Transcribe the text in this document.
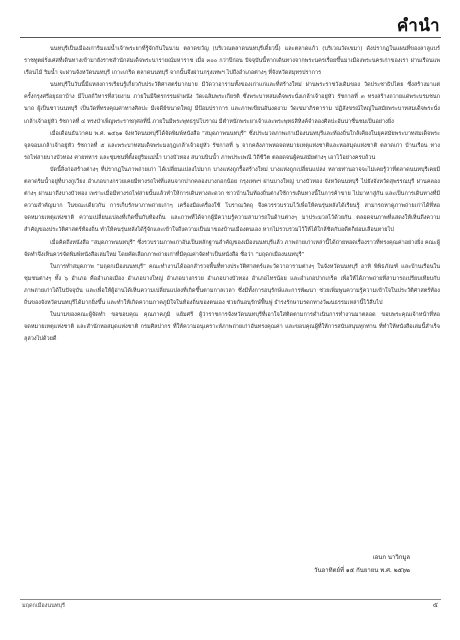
คำนำ

นนทบุรีเป็นเมืองเก่าริมแม่น้ำเจ้าพระยาที่รู้จักกันในนาม ตลาดขวัญ (บริเวณตลาดนนทบุรีเดี๋ยวนี้) และตลาดแก้ว (บริเวณวัดเขมา) ดังปรากฏในแผนที่ของลาลูแบร์ ราชทูตฝรั่งเศสที่เดินทางเข้ามายังราชสำนักสมเด็จพระนารายณ์มหาราช เมื่อ ๓๐๐ กว่าปีก่อน ปัจจุบันนี้หากเดินทางจากพระนครเรื่อยขึ้นมาเมืองพระนครเก่าของเรา ผ่านเรือนแพ เรือนไม้ ริมน้ำ จะผ่านจังหวัดนนทบุรี เกาะเกร็ด ตลาดนนทบุรี จากนั้นจึงผ่านกรุงเทพฯ ไปถึงอำเภอต่างๆ ที่จังหวัดสมุทรปราการ

นนทบุรีในวันนี้มีแหล่งการเรียนรู้เกี่ยวกับประวัติศาสตร์มากมาย มีวัดวาอารามทั้งของเก่าแก่และที่สร้างใหม่ ผ่านพระราชวังเดิมของ วัดประชาธิปไตย ซึ่งสร้างมาแต่ครั้งกรุงศรีอยุธยาบ้าง มีโบสถ์วิหารที่สวยงาม ภายในมีจิตรกรรมฝาผนัง วัดเฉลิมพระเกียรติ ซึ่งพระบาทสมเด็จพระนั่งเกล้าเจ้าอยู่หัว รัชกาลที่ ๓ ทรงสร้างถวายแด่พระบรมชนกนาถ ผู้เป็นชาวนนทบุรี เป็นวัดที่ทรงคุณค่าทางศิลปะ มีเจดีย์ขนาดใหญ่ มีป้อมปราการ และภาพเขียนอันงดงาม วัดเขมาภิรตาราม ปฏิสังขรณ์ใหญ่ในสมัยพระบาทสมเด็จพระนั่งเกล้าเจ้าอยู่หัว รัชกาลที่ ๔ ทรงบำเพ็ญพระราชกุศลที่นี่ ภายในมีพระพุทธรูปโบราณ มีตำหนักพระยาเจ้าและพระพุทธสิหิงค์จำลองศิลปะอันน่าชื่นชมเป็นอย่างยิ่ง

เมื่อเดือนธันวาคม พ.ศ. ๒๕๖๑ จังหวัดนนทบุรีได้จัดพิมพ์หนังสือ “สมุดภาพนนทบุรี” ซึ่งประมวลภาพเก่าเมืองนนทบุรีและท้องถิ่นใกล้เคียงในยุคสมัยพระบาทสมเด็จพระจุลจอมเกล้าเจ้าอยู่หัว รัชกาลที่ ๕ และพระบาทสมเด็จพระมงกุฎเกล้าเจ้าอยู่หัว รัชกาลที่ ๖ จากคลังภาพหอจดหมายเหตุแห่งชาติและหอสมุดแห่งชาติ ตลาดเก่า บ้านเรือน ทางรถไฟสายบางบัวทอง ค่ายทหาร และชุมชนที่ตั้งอยู่ริมแม่น้ำ บางบัวทอง สนามบินน้ำ ภาพประเพณี วิถีชีวิต ตลอดจนผู้คนสมัยต่างๆ เอาไว้อย่างครบถ้วน

บัดนี้สิ่งก่อสร้างต่างๆ ที่ปรากฏในภาพถ่ายเก่า ได้เปลี่ยนแปลงไปมาก บางแห่งถูกรื้อสร้างใหม่ บางแห่งถูกเปลี่ยนแปลง หลายท่านอาจจะไม่เคยรู้ว่าที่ตลาดนนทบุรีเคยมีตลาดริมน้ำอยู่ที่บางกูเวียง อำเภอบางกรวยเคยมีทางรถไฟที่แล่นจากปากคลองบางกอกน้อย กรุงเทพฯ ผ่านบางใหญ่ บางบัวทอง จังหวัดนนทบุรี ไปยังจังหวัดสุพรรณบุรี ผ่านคลองต่างๆ ผ่านมาถึงบางบัวทอง เพราะเมื่อมีทางรถไฟสายนั้นแล้วทำให้การเดินทางสะดวก ชาวบ้านในท้องถิ่นต่างใช้การเดินทางนี้ในการค้าขาย ไปมาหาสู่กัน และเป็นการเดินทางที่มีความสำคัญมาก ในขณะเดียวกัน การเก็บรักษาภาพถ่ายเก่าๆ เครื่องมือเครื่องใช้ โบราณวัตถุ จึงควรรวบรวมไว้เพื่อให้คนรุ่นหลังได้เรียนรู้ สามารถหาดูภาพถ่ายเก่าได้ที่หอจดหมายเหตุแห่งชาติ ความเปลี่ยนแปลงที่เกิดขึ้นกับท้องถิ่น และภาพที่ได้จากผู้มีความรู้ความสามารถในด้านต่างๆ มาประมวลไว้ด้วยกัน ตลอดจนภาพที่แสดงให้เห็นถึงความสำคัญของประวัติศาสตร์ท้องถิ่น ทำให้คนรุ่นหลังได้รู้จักและเข้าใจถึงความเป็นมาของบ้านเมืองตนเอง หากไม่รวบรวมไว้ให้ได้ใกล้ชิดกับอดีตก็ย่อมเลือนหายไป

เมื่อคิดถึงหนังสือ “สมุดภาพนนทบุรี” ซึ่งรวบรวมภาพเก่าอันเป็นหลักฐานสำคัญของเมืองนนทบุรีแล้ว ภาพถ่ายเก่าเหล่านี้ได้ถ่ายทอดเรื่องราวที่ทรงคุณค่าอย่างยิ่ง คณะผู้จัดทำจึงเห็นควรจัดพิมพ์หนังสือเล่มใหม่ โดยคัดเลือกภาพถ่ายเก่าที่มีคุณค่าจัดทำเป็นหนังสือ ชื่อว่า “มฤดกเมืองนนทบุรี”

ในการทำสมุดภาพ “มฤดกเมืองนนทบุรี” คณะทำงานได้ออกสำรวจพื้นที่ทางประวัติศาสตร์และวัดวาอารามต่างๆ ในจังหวัดนนทบุรี อาทิ พิพิธภัณฑ์ และบ้านเรือนในชุมชนต่างๆ ทั้ง ๖ อำเภอ คืออำเภอเมือง อำเภอบางใหญ่ อำเภอบางกรวย อำเภอบางบัวทอง อำเภอไทรน้อย และอำเภอปากเกร็ด เพื่อให้ได้ภาพถ่ายที่สามารถเปรียบเทียบกับภาพถ่ายเก่าได้ในปัจจุบัน และเพื่อให้ผู้อ่านได้เห็นความเปลี่ยนแปลงที่เกิดขึ้นตามกาลเวลา ซึ่งมีทั้งการอนุรักษ์และการพัฒนา ช่วยเพิ่มพูนความรู้ความเข้าใจในประวัติศาสตร์ท้องถิ่นของจังหวัดนนทบุรีได้มากยิ่งขึ้น และทำให้เกิดความภาคภูมิใจในท้องถิ่นของตนเอง ช่วยกันอนุรักษ์ฟื้นฟู ธำรงรักษามรดกทางวัฒนธรรมเหล่านี้ไว้สืบไป

ในนามของคณะผู้จัดทำ ขอขอบคุณ คุณภาคภูมิ แย้มศรี ผู้ว่าราชการจังหวัดนนทบุรีที่เอาใจใส่ติดตามการดำเนินการทำงานมาตลอด ขอบพระคุณเจ้าหน้าที่หอจดหมายเหตุแห่งชาติ และสำนักหอสมุดแห่งชาติ กรมศิลปากร ที่ให้ความอนุเคราะห์ภาพถ่ายเก่าอันทรงคุณค่า และขอบคุณผู้ที่ให้การสนับสนุนทุกท่าน ที่ทำให้หนังสือเล่มนี้สำเร็จลุล่วงไปด้วยดี

เอนก นาวิกมูล
วันอาทิตย์ที่ ๑๕ กันยายน พ.ศ. ๒๕๖๒
มฤดกเมืองนนทบุรี	๕
